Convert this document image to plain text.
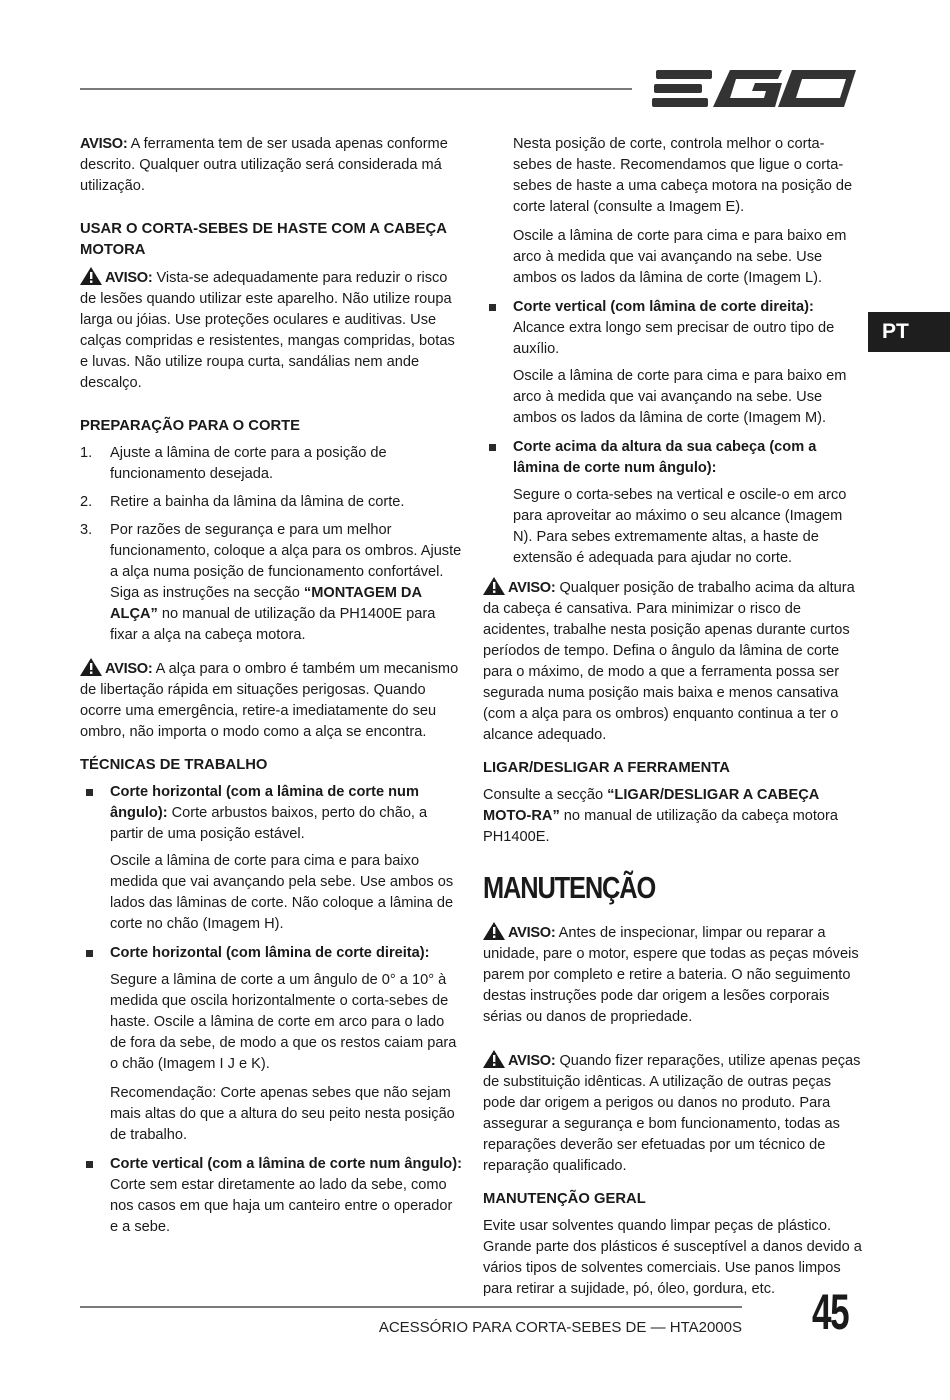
PT

AVISO: A ferramenta tem de ser usada apenas conforme descrito. Qualquer outra utilização será considerada má utilização.

USAR O CORTA-SEBES DE HASTE COM A CABEÇA MOTORA

AVISO: Vista-se adequadamente para reduzir o risco de lesões quando utilizar este aparelho. Não utilize roupa larga ou jóias. Use proteções oculares e auditivas. Use calças compridas e resistentes, mangas compridas, botas e luvas. Não utilize roupa curta, sandálias nem ande descalço.

PREPARAÇÃO PARA O CORTE
1. Ajuste a lâmina de corte para a posição de funcionamento desejada.
2. Retire a bainha da lâmina da lâmina de corte.
3. Por razões de segurança e para um melhor funcionamento, coloque a alça para os ombros. Ajuste a alça numa posição de funcionamento confortável. Siga as instruções na secção “MONTAGEM DA ALÇA” no manual de utilização da PH1400E para fixar a alça na cabeça motora.

AVISO: A alça para o ombro é também um mecanismo de libertação rápida em situações perigosas. Quando ocorre uma emergência, retire-a imediatamente do seu ombro, não importa o modo como a alça se encontra.

TÉCNICAS DE TRABALHO
Corte horizontal (com a lâmina de corte num ângulo): Corte arbustos baixos, perto do chão, a partir de uma posição estável.

Oscile a lâmina de corte para cima e para baixo medida que vai avançando pela sebe. Use ambos os lados das lâminas de corte. Não coloque a lâmina de corte no chão (Imagem H).

Corte horizontal (com lâmina de corte direita):

Segure a lâmina de corte a um ângulo de 0° a 10° à medida que oscila horizontalmente o corta-sebes de haste. Oscile a lâmina de corte em arco para o lado de fora da sebe, de modo a que os restos caiam para o chão (Imagem I J e K).

Recomendação: Corte apenas sebes que não sejam mais altas do que a altura do seu peito nesta posição de trabalho.

Corte vertical (com a lâmina de corte num ângulo): Corte sem estar diretamente ao lado da sebe, como nos casos em que haja um canteiro entre o operador e a sebe.

Nesta posição de corte, controla melhor o corta-sebes de haste. Recomendamos que ligue o corta-sebes de haste a uma cabeça motora na posição de corte lateral (consulte a Imagem E).

Oscile a lâmina de corte para cima e para baixo em arco à medida que vai avançando na sebe. Use ambos os lados da lâmina de corte (Imagem L).

Corte vertical (com lâmina de corte direita): Alcance extra longo sem precisar de outro tipo de auxílio.

Oscile a lâmina de corte para cima e para baixo em arco à medida que vai avançando na sebe. Use ambos os lados da lâmina de corte (Imagem M).

Corte acima da altura da sua cabeça (com a lâmina de corte num ângulo):

Segure o corta-sebes na vertical e oscile-o em arco para aproveitar ao máximo o seu alcance (Imagem N). Para sebes extremamente altas, a haste de extensão é adequada para ajudar no corte.

AVISO: Qualquer posição de trabalho acima da altura da cabeça é cansativa. Para minimizar o risco de acidentes, trabalhe nesta posição apenas durante curtos períodos de tempo. Defina o ângulo da lâmina de corte para o máximo, de modo a que a ferramenta possa ser segurada numa posição mais baixa e menos cansativa (com a alça para os ombros) enquanto continua a ter o alcance adequado.

LIGAR/DESLIGAR A FERRAMENTA

Consulte a secção “LIGAR/DESLIGAR A CABEÇA MOTO-RA” no manual de utilização da cabeça motora PH1400E.

MANUTENÇÃO

AVISO: Antes de inspecionar, limpar ou reparar a unidade, pare o motor, espere que todas as peças móveis parem por completo e retire a bateria. O não seguimento destas instruções pode dar origem a lesões corporais sérias ou danos de propriedade.

AVISO: Quando fizer reparações, utilize apenas peças de substituição idênticas. A utilização de outras peças pode dar origem a perigos ou danos no produto. Para assegurar a segurança e bom funcionamento, todas as reparações deverão ser efetuadas por um técnico de reparação qualificado.

MANUTENÇÃO GERAL

Evite usar solventes quando limpar peças de plástico. Grande parte dos plásticos é susceptível a danos devido a vários tipos de solventes comerciais. Use panos limpos para retirar a sujidade, pó, óleo, gordura, etc.

ACESSÓRIO PARA CORTA-SEBES DE — HTA2000S 45
